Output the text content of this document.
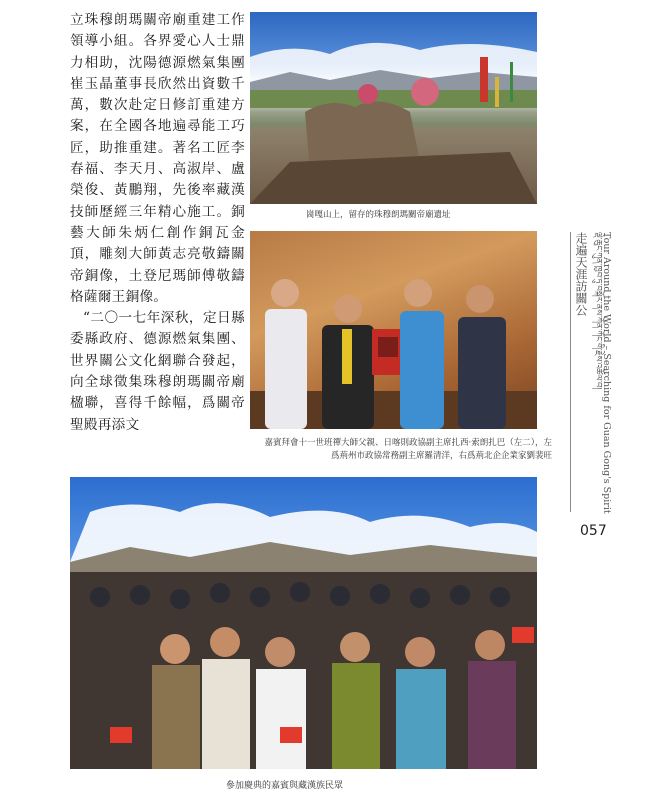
立珠穆朗瑪關帝廟重建工作領導小組。各界愛心人士鼎力相助，沈陽德源燃氣集團崔玉晶董事長欣然出資數千萬，數次赴定日修訂重建方案，在全國各地遍尋能工巧匠，助推重建。著名工匠李春福、李天月、高淑岸、盧榮俊、黃鵬翔，先後率藏漢技師歷經三年精心施工。銅藝大師朱炳仁創作銅瓦金頂，雕刻大師黃志亮敬鑄關帝銅像，土登尼瑪師傅敬鑄格薩爾王銅像。

“二〇一七年深秋，定日縣委縣政府、德源燃氣集團、世界關公文化網聯合發起，向全球徵集珠穆朗瑪關帝廟楹聯，喜得千餘幅，爲關帝聖殿再添文

崗嘎山上，留存的珠穆朗瑪關帝廟遺址
嘉賓拜會十一世班禪大師父親、日喀則政協副主席扎西·索朗扎巴（左二），左爲荊州市政協常務副主席羅清洋，右爲荊北企企業家劉裴旺
參加慶典的嘉賓與藏漢族民眾
走遍天涯訪關公 ལྡེ་ཆུང་ཀུན་ཁྱབ་ཏུ་བསྐོར་ནས་ཀོན་ཀོང་གི་རྗེས་འཚོལ་བ།
Tour Around the World – Searching for Guan Gong's Spirit
057
